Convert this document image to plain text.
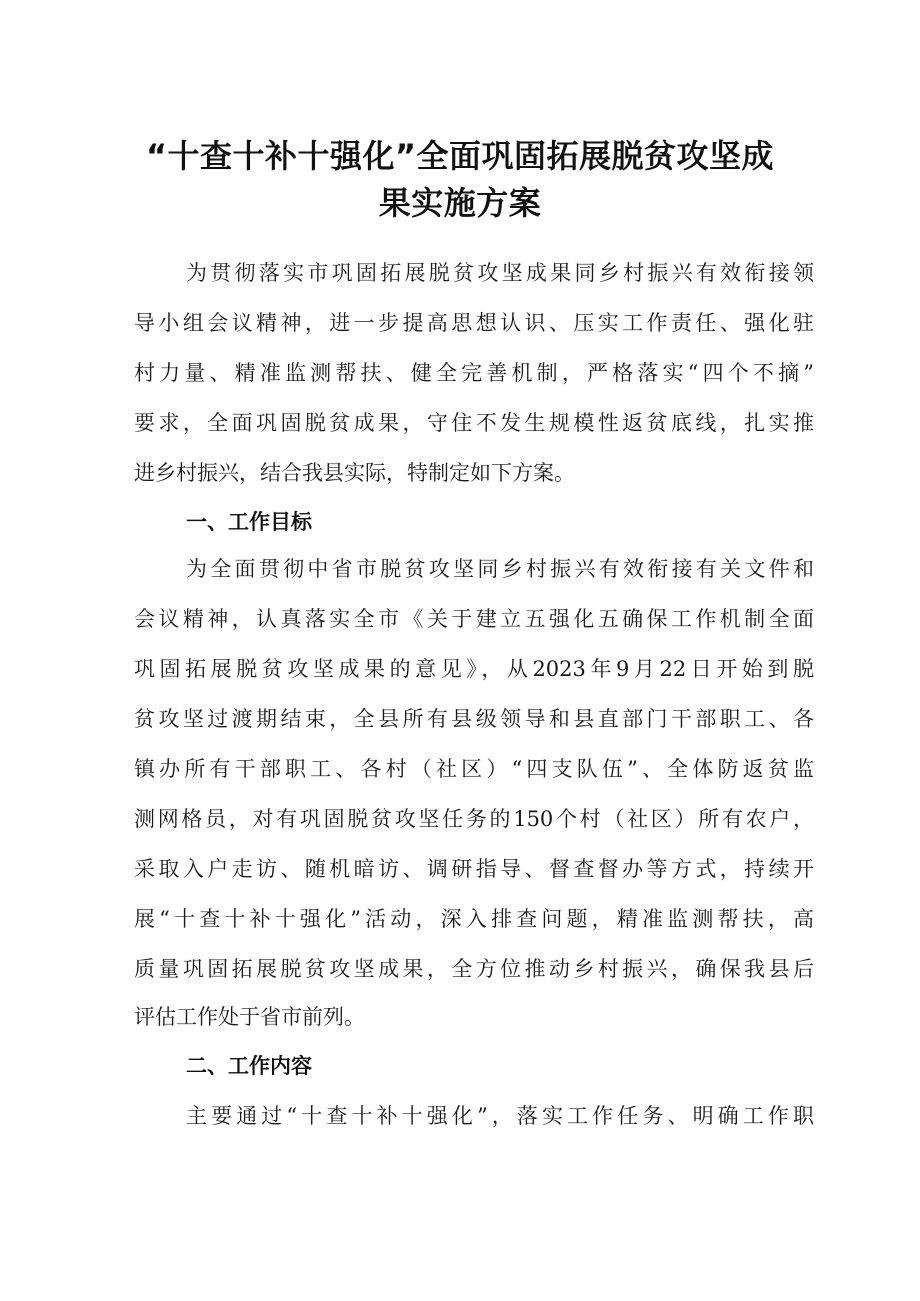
“十查十补十强化”全面巩固拓展脱贫攻坚成
果实施方案
为贯彻落实市巩固拓展脱贫攻坚成果同乡村振兴有效衔接领
导小组会议精神，进一步提高思想认识、压实工作责任、强化驻
村力量、精准监测帮扶、健全完善机制，严格落实“四个不摘”
要求，全面巩固脱贫成果，守住不发生规模性返贫底线，扎实推
进乡村振兴，结合我县实际，特制定如下方案。
一、工作目标
为全面贯彻中省市脱贫攻坚同乡村振兴有效衔接有关文件和
会议精神，认真落实全市《关于建立五强化五确保工作机制全面
巩固拓展脱贫攻坚成果的意见》，从2023年9月22日开始到脱
贫攻坚过渡期结束，全县所有县级领导和县直部门干部职工、各
镇办所有干部职工、各村（社区）“四支队伍”、全体防返贫监
测网格员，对有巩固脱贫攻坚任务的150个村（社区）所有农户，
采取入户走访、随机暗访、调研指导、督查督办等方式，持续开
展“十查十补十强化”活动，深入排查问题，精准监测帮扶，高
质量巩固拓展脱贫攻坚成果，全方位推动乡村振兴，确保我县后
评估工作处于省市前列。
二、工作内容
主要通过“十查十补十强化”，落实工作任务、明确工作职
